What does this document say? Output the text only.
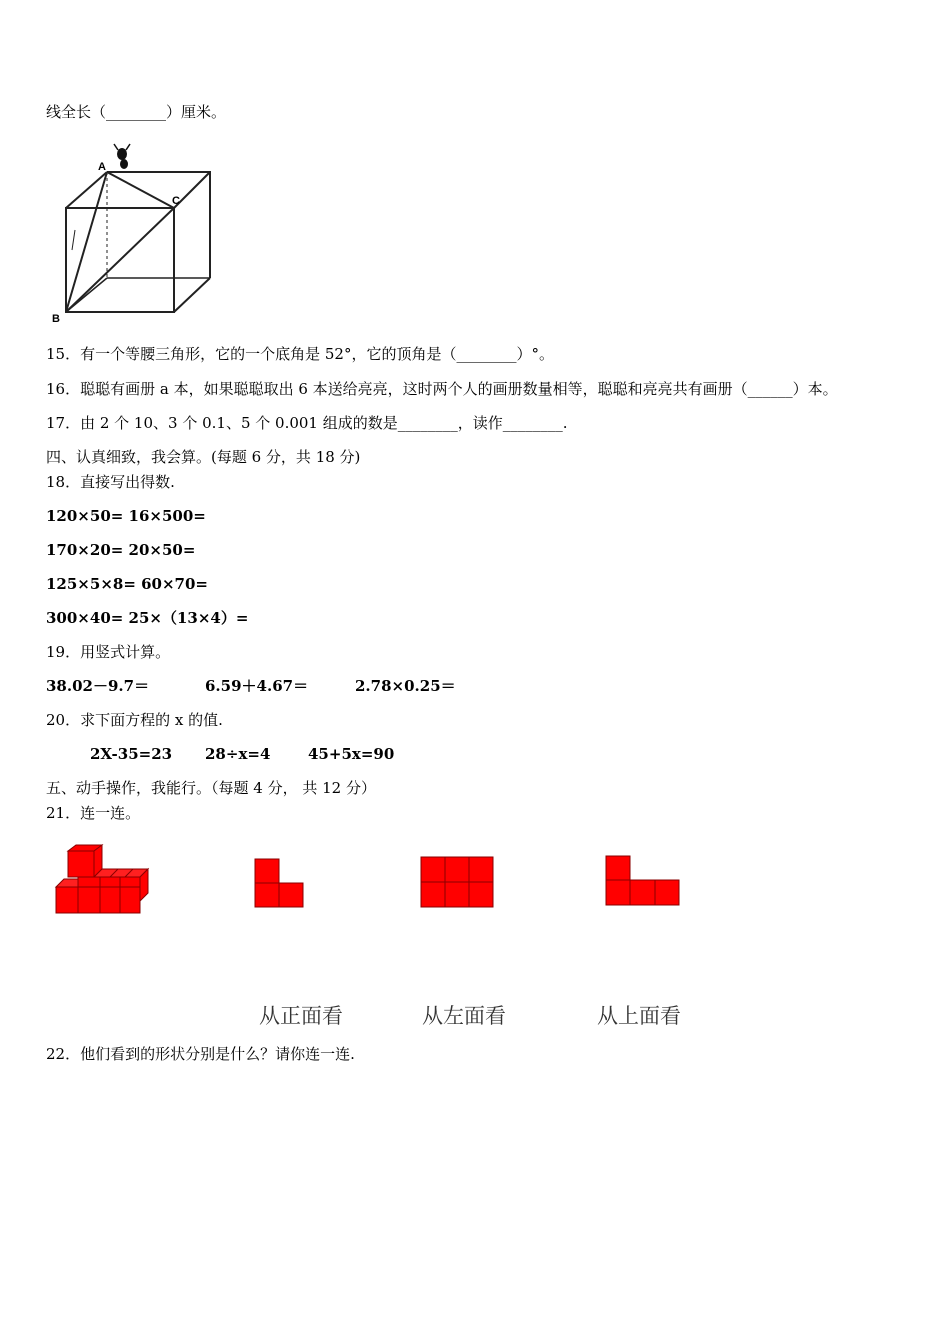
线全长（________）厘米。
A
C
B
15．有一个等腰三角形，它的一个底角是 52°，它的顶角是（________）°。
16．聪聪有画册 a 本，如果聪聪取出 6 本送给亮亮，这时两个人的画册数量相等，聪聪和亮亮共有画册（______）本。
17．由 2 个 10、3 个 0.1、5 个 0.001 组成的数是________，读作________.
四、认真细致，我会算。(每题 6 分，共 18 分)
18．直接写出得数.
120×50= 16×500=
170×20= 20×50=
125×5×8= 60×70=
300×40= 25×（13×4）=
19．用竖式计算。
38.02－9.7＝	6.59＋4.67＝	2.78×0.25＝
20．求下面方程的 x 的值.
2X-35=23 28÷x=4	45+5x=90
五、动手操作，我能行。（每题 4 分， 共 12 分）
21．连一连。
从正面看	从左面看	从上面看
22．他们看到的形状分别是什么？请你连一连.
